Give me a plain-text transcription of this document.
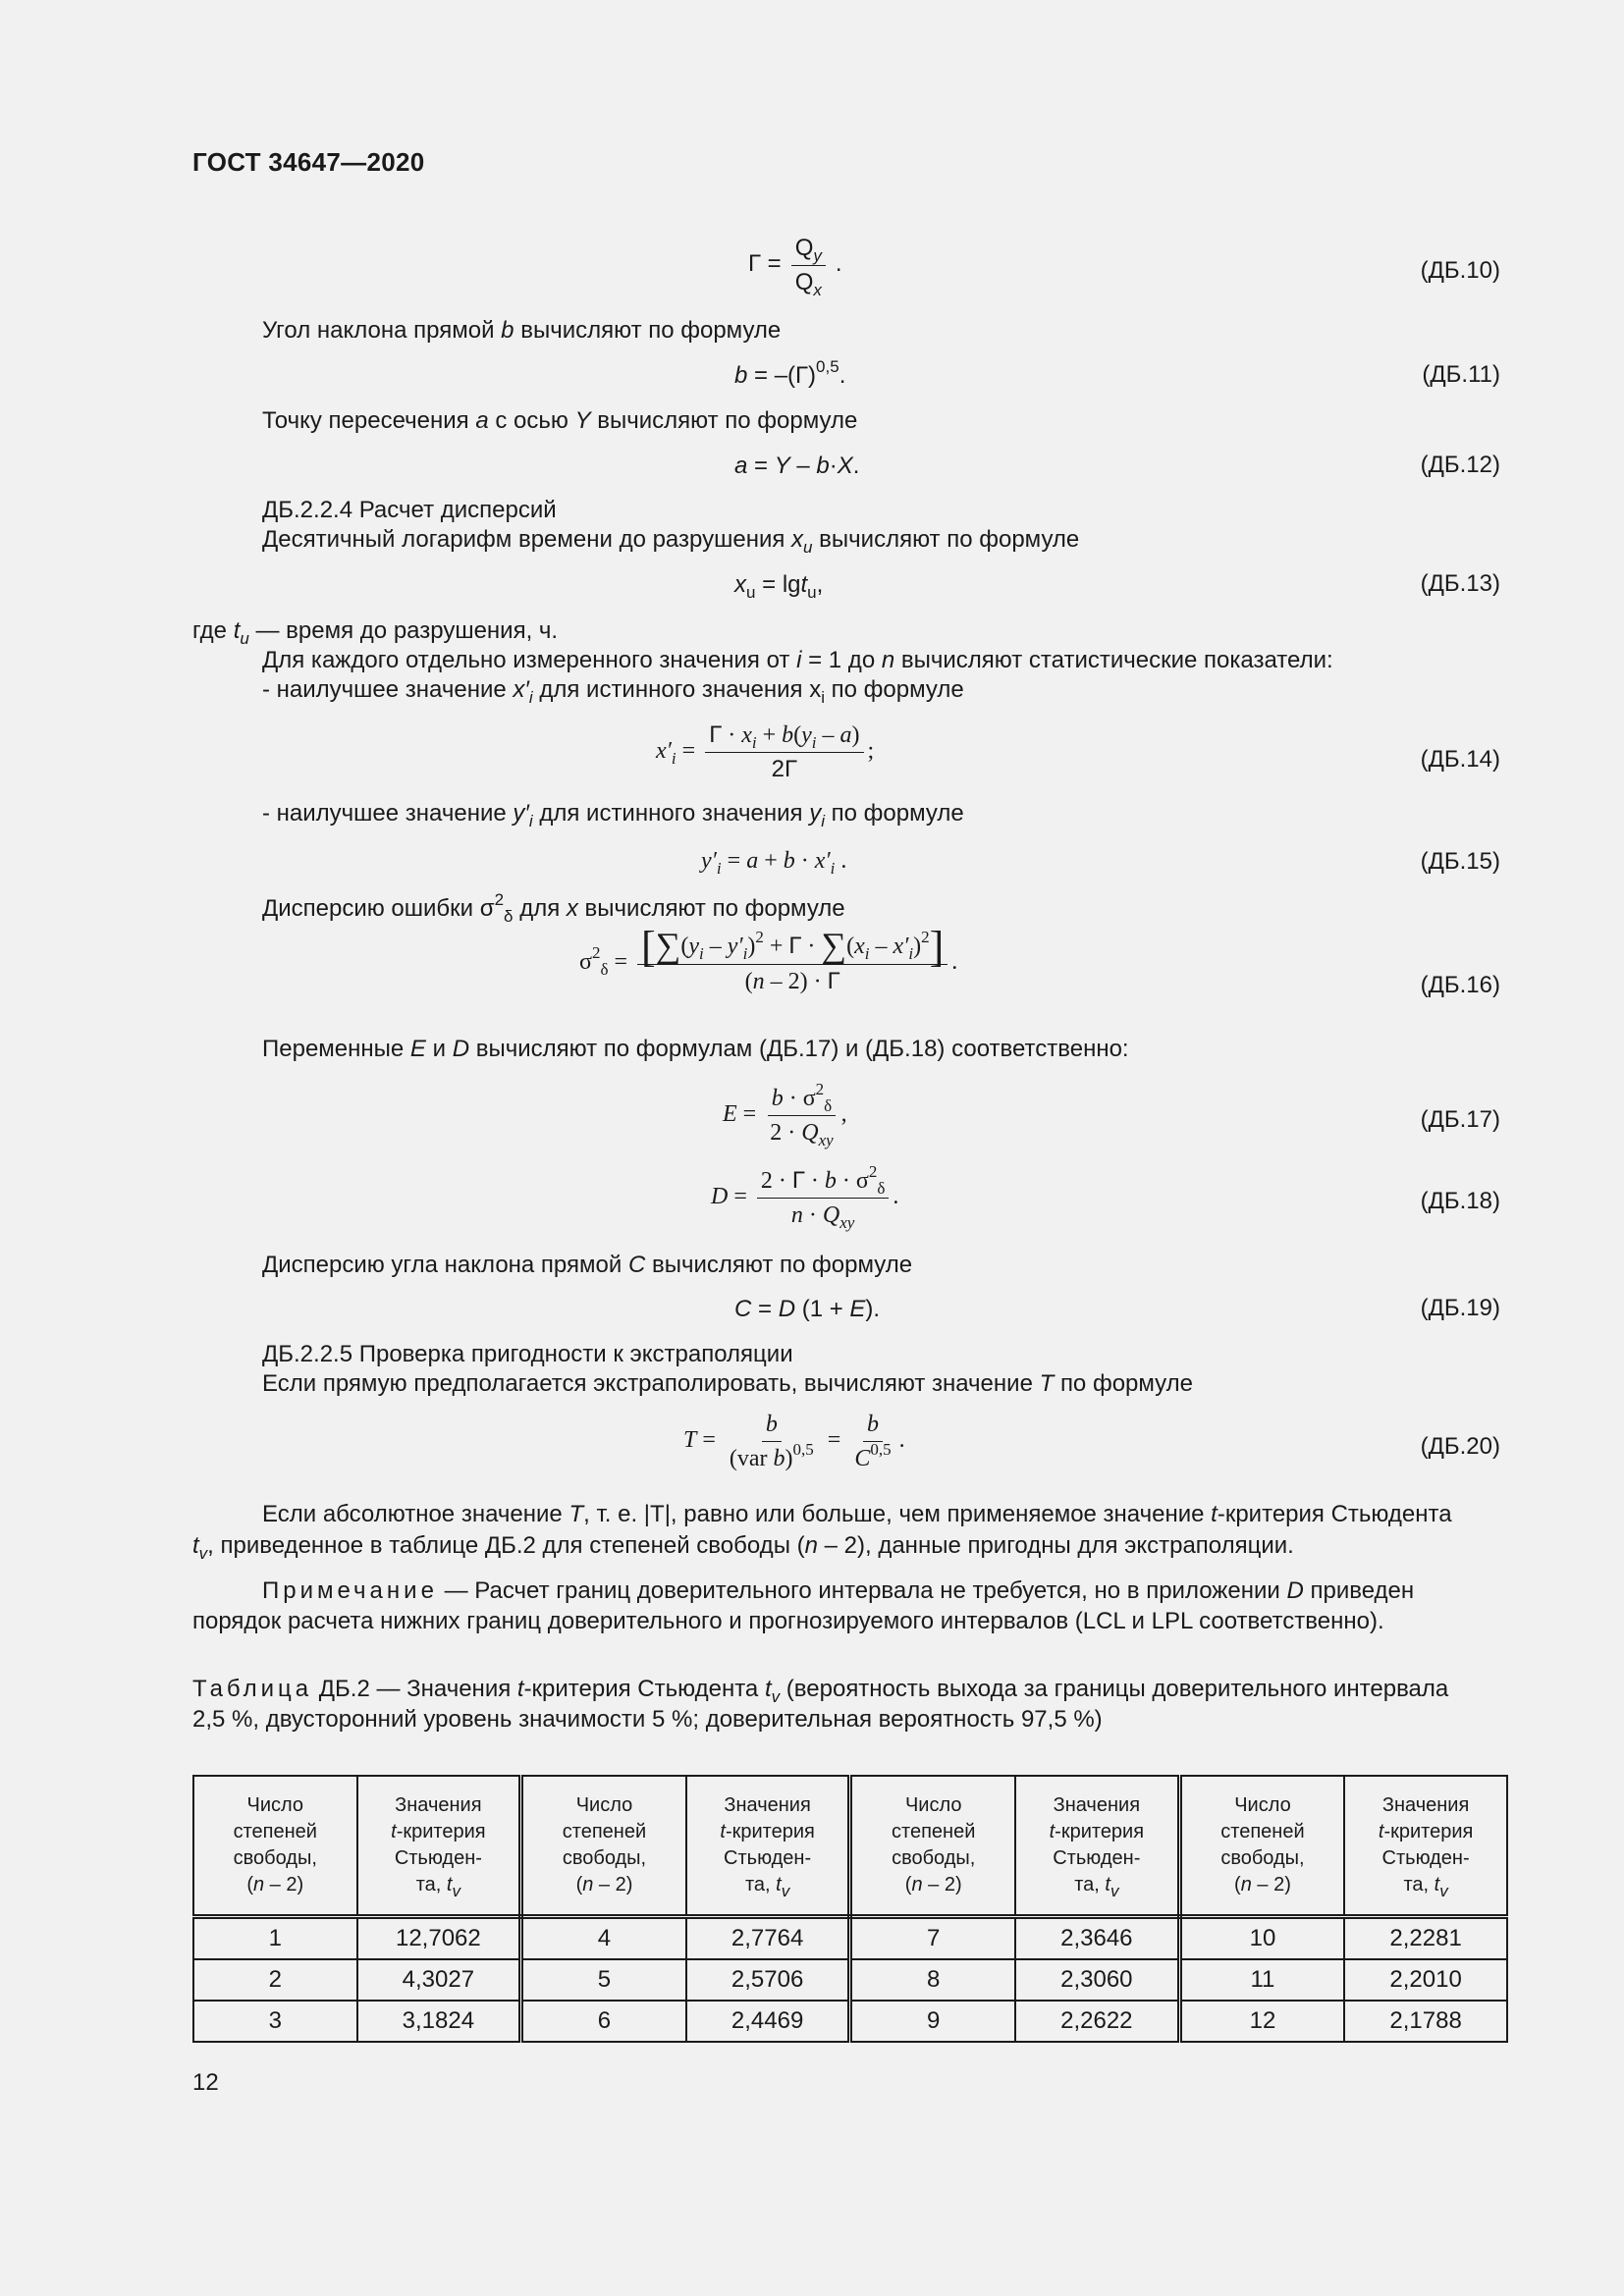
ГОСТ 34647—2020
$Г = \frac{Q_y}{Q_x}$ .	(ДБ.10)
Угол наклона прямой b вычисляют по формуле
$b = -(Г)^{0,5}$.	(ДБ.11)
Точку пересечения a с осью Y вычисляют по формуле
a = Y – b·X.	(ДБ.12)
ДБ.2.2.4 Расчет дисперсий
Десятичный логарифм времени до разрушения $x_u$ вычисляют по формуле
$x_u = \lg t_u$,	(ДБ.13)
где $t_u$ — время до разрушения, ч.
Для каждого отдельно измеренного значения от i = 1 до n вычисляют статистические показатели:
- наилучшее значение $x'_i$ для истинного значения $x_i$ по формуле
$x'_i = \frac{Г \cdot x_i + b(y_i - a)}{2Г}$ ;	(ДБ.14)
- наилучшее значение $y'_i$ для истинного значения $y_i$ по формуле
$y'_i = a + b \cdot x'_i$ .	(ДБ.15)
Дисперсию ошибки $\sigma^2_\delta$ для x вычисляют по формуле
$\sigma^2_\delta = \frac{[\sum(y_i - y'_i)^2 + Г \cdot \sum(x_i - x'_i)^2]}{(n - 2) \cdot Г}$ .
(ДБ.16)
Переменные E и D вычисляют по формулам (ДБ.17) и (ДБ.18) соответственно:
$E = \frac{b \cdot \sigma^2_\delta}{2 \cdot Q_{xy}}$ ,	(ДБ.17)
$D = \frac{2 \cdot Г \cdot b \cdot \sigma^2_\delta}{n \cdot Q_{xy}}$ .	(ДБ.18)
Дисперсию угла наклона прямой C вычисляют по формуле
C = D (1 + E).	(ДБ.19)
ДБ.2.2.5 Проверка пригодности к экстраполяции
Если прямую предполагается экстраполировать, вычисляют значение T по формуле
$T = \frac{b}{(var b)^{0,5}} = \frac{b}{C^{0,5}}$ .	(ДБ.20)
Если абсолютное значение T, т. е. |T|, равно или больше, чем применяемое значение t-критерия Стьюдента
$t_v$, приведенное в таблице ДБ.2 для степеней свободы (n – 2), данные пригодны для экстраполяции.
Примечание — Расчет границ доверительного интервала не требуется, но в приложении D приведен
порядок расчета нижних границ доверительного и прогнозируемого интервалов (LCL и LPL соответственно).
Таблица ДБ.2 — Значения t-критерия Стьюдента $t_v$ (вероятность выхода за границы доверительного интервала
2,5 %, двусторонний уровень значимости 5 %; доверительная вероятность 97,5 %)
Число
степеней
свободы,
(n – 2)	Значения
t-критерия
Стьюден-
та, $t_v$	Число
степеней
свободы,
(n – 2)	Значения
t-критерия
Стьюден-
та, $t_v$	Число
степеней
свободы,
(n – 2)	Значения
t-критерия
Стьюден-
та, $t_v$	Число
степеней
свободы,
(n – 2)	Значения
t-критерия
Стьюден-
та, $t_v$
1	12,7062	4	2,7764	7	2,3646	10	2,2281
2	4,3027	5	2,5706	8	2,3060	11	2,2010
3	3,1824	6	2,4469	9	2,2622	12	2,1788
12
